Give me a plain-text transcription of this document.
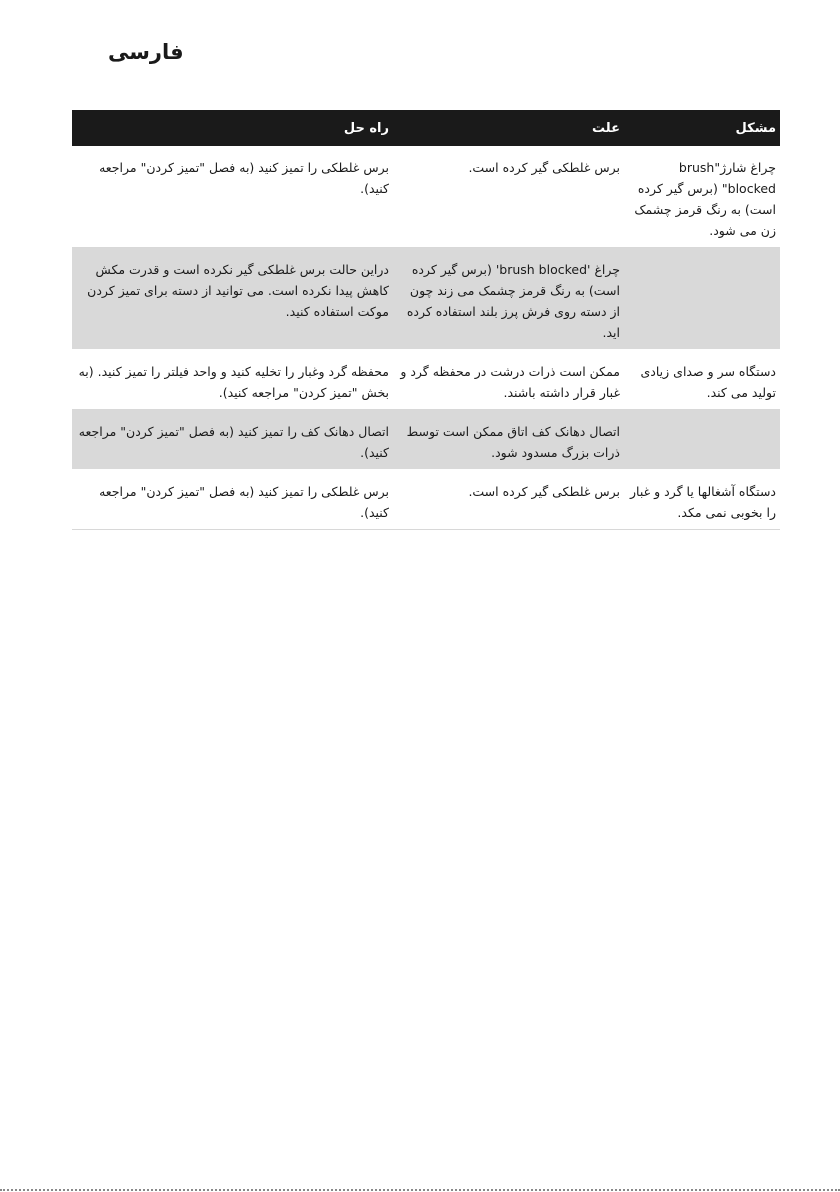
فارسی
مشکل	علت	راه حل
چراغ شارژ"brush blocked" (برس گیر کرده است) به رنگ قرمز چشمک زن می شود.	برس غلطکی گیر کرده است.	برس غلطکی را تمیز کنید (به فصل "تمیز کردن" مراجعه کنید).
	چراغ 'brush blocked' (برس گیر کرده است) به رنگ قرمز چشمک می زند چون از دسته روی فرش پرز بلند استفاده کرده اید.	دراین حالت برس غلطکی گیر نکرده است و قدرت مکش کاهش پیدا نکرده است. می توانید از دسته برای تمیز کردن موکت استفاده کنید.
دستگاه سر و صدای زیادی تولید می کند.	ممکن است ذرات درشت در محفظه گرد و غبار قرار داشته باشند.	محفظه گرد وغبار را تخلیه کنید و واحد فیلتر را تمیز کنید. (به بخش "تمیز کردن" مراجعه کنید).
	اتصال دهانک کف اتاق ممکن است توسط ذرات بزرگ مسدود شود.	اتصال دهانک کف را تمیز کنید (به فصل "تمیز کردن" مراجعه کنید).
دستگاه آشغالها یا گرد و غبار را بخوبی نمی مکد.	برس غلطکی گیر کرده است.	برس غلطکی را تمیز کنید (به فصل "تمیز کردن" مراجعه کنید).
